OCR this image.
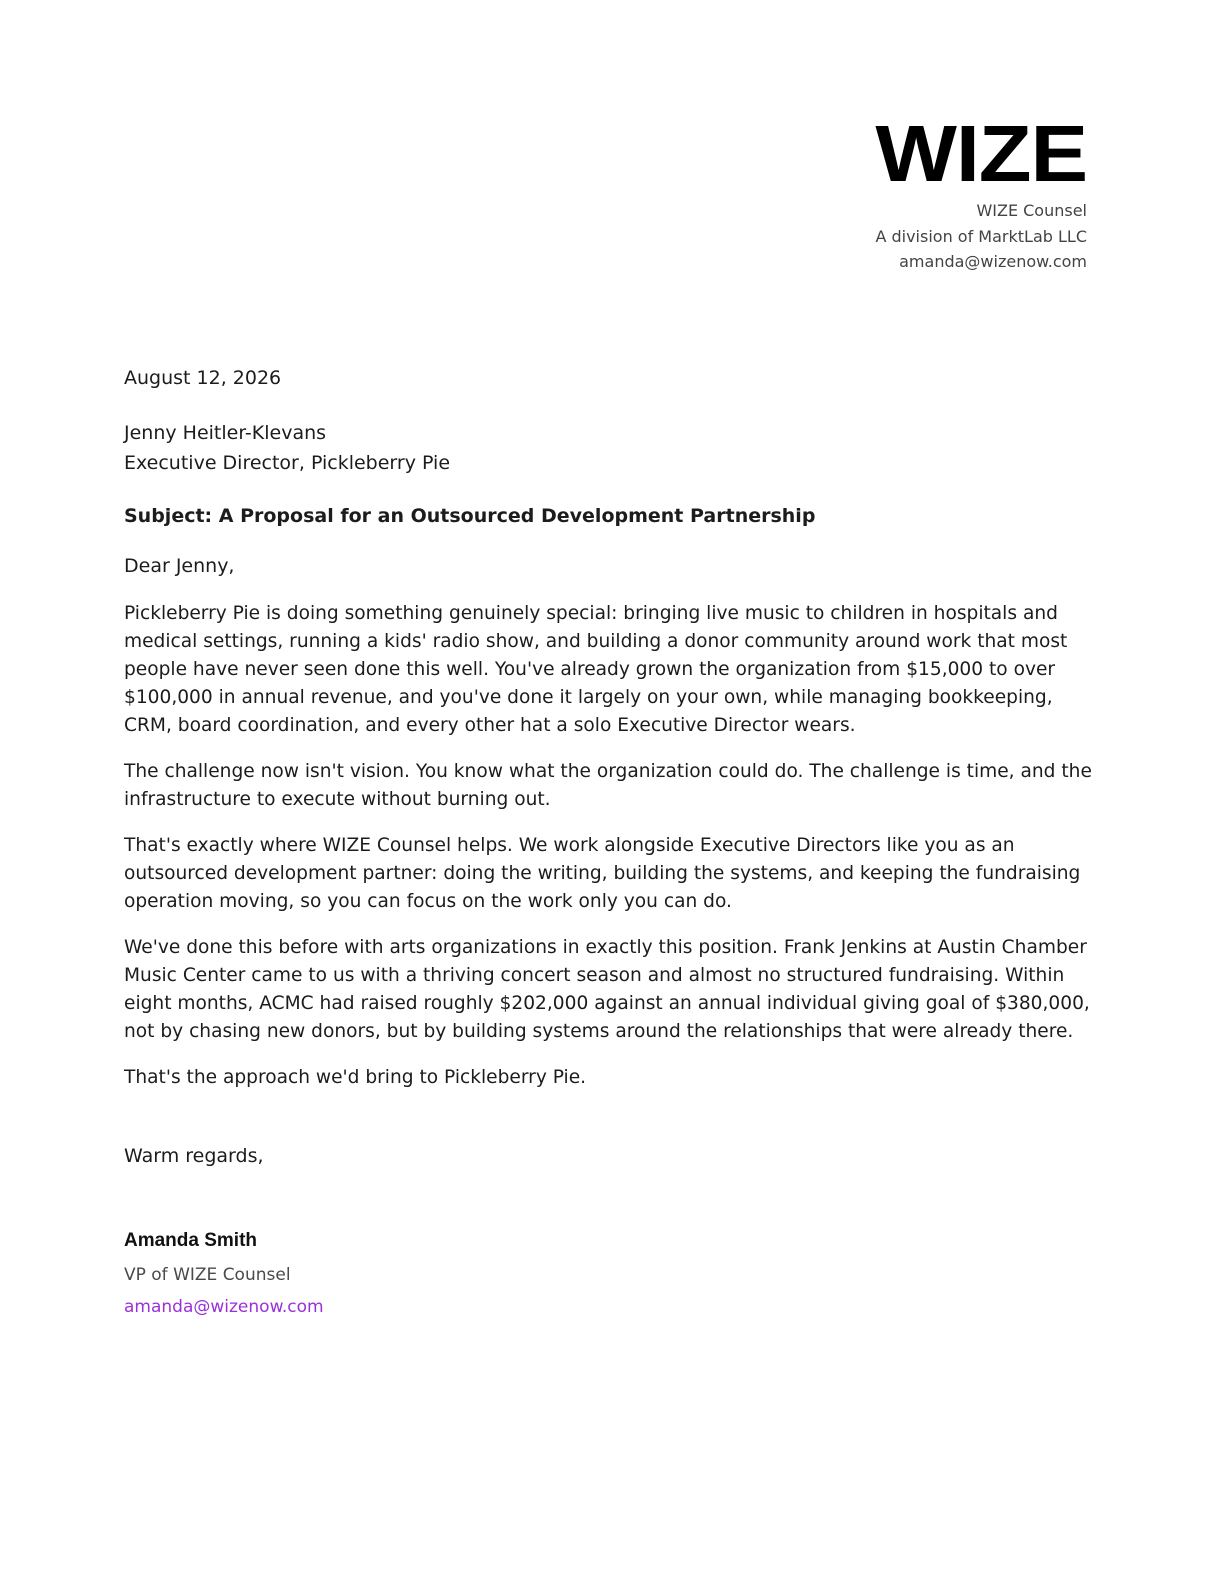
WIZE
WIZE Counsel
A division of MarktLab LLC
amanda@wizenow.com
August 12, 2026
Jenny Heitler-Klevans
Executive Director, Pickleberry Pie
Subject: A Proposal for an Outsourced Development Partnership
Dear Jenny,

Pickleberry Pie is doing something genuinely special: bringing live music to children in hospitals and medical settings, running a kids' radio show, and building a donor community around work that most people have never seen done this well. You've already grown the organization from $15,000 to over $100,000 in annual revenue, and you've done it largely on your own, while managing bookkeeping, CRM, board coordination, and every other hat a solo Executive Director wears.

The challenge now isn't vision. You know what the organization could do. The challenge is time, and the infrastructure to execute without burning out.

That's exactly where WIZE Counsel helps. We work alongside Executive Directors like you as an outsourced development partner: doing the writing, building the systems, and keeping the fundraising operation moving, so you can focus on the work only you can do.

We've done this before with arts organizations in exactly this position. Frank Jenkins at Austin Chamber Music Center came to us with a thriving concert season and almost no structured fundraising. Within eight months, ACMC had raised roughly $202,000 against an annual individual giving goal of $380,000, not by chasing new donors, but by building systems around the relationships that were already there.

That's the approach we'd bring to Pickleberry Pie.

Warm regards,
Amanda Smith
VP of WIZE Counsel
amanda@wizenow.com
